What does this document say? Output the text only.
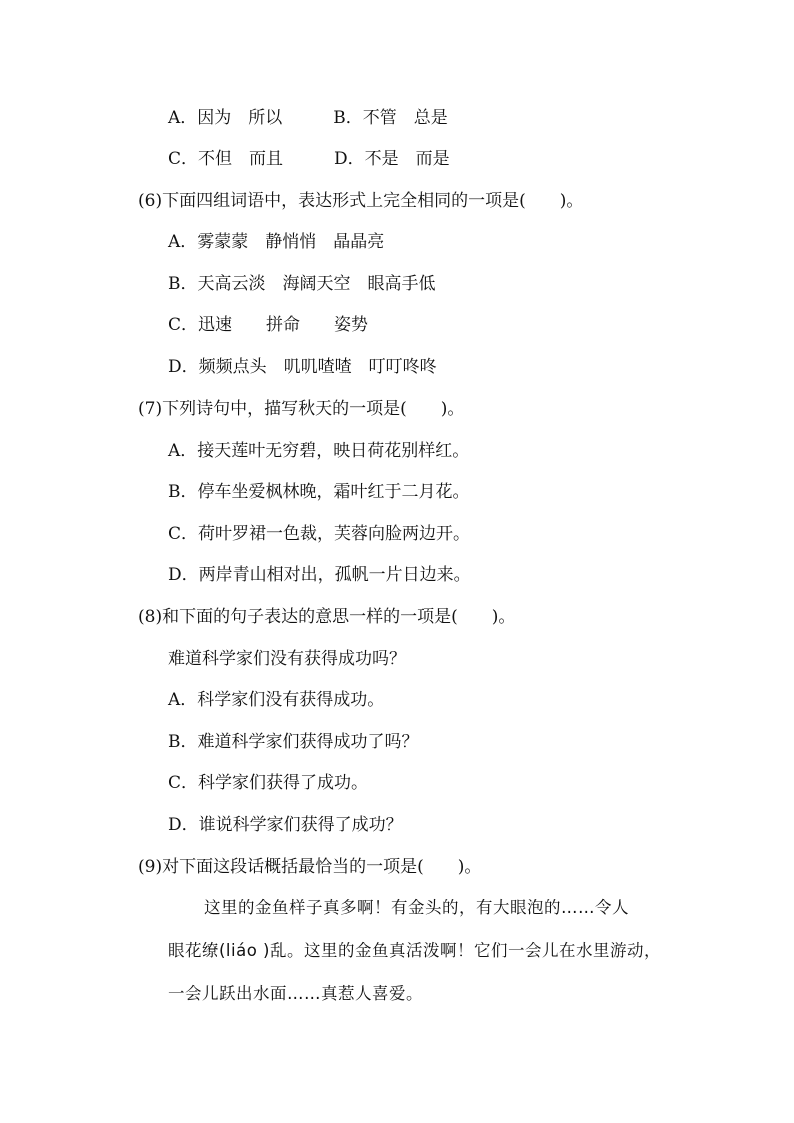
A．因为　所以　　　B．不管　总是
C．不但　而且　　　D．不是　而是
(6)下面四组词语中，表达形式上完全相同的一项是(　　)。
A．雾蒙蒙　静悄悄　晶晶亮
B．天高云淡　海阔天空　眼高手低
C．迅速　　拼命　　姿势
D．频频点头　叽叽喳喳　叮叮咚咚
(7)下列诗句中，描写秋天的一项是(　　)。
A．接天莲叶无穷碧，映日荷花别样红。
B．停车坐爱枫林晚，霜叶红于二月花。
C．荷叶罗裙一色裁，芙蓉向脸两边开。
D．两岸青山相对出，孤帆一片日边来。
(8)和下面的句子表达的意思一样的一项是(　　)。
难道科学家们没有获得成功吗？
A．科学家们没有获得成功。
B．难道科学家们获得成功了吗？
C．科学家们获得了成功。
D．谁说科学家们获得了成功？
(9)对下面这段话概括最恰当的一项是(　　)。
这里的金鱼样子真多啊！有金头的，有大眼泡的……令人
眼花缭(liáo )乱。这里的金鱼真活泼啊！它们一会儿在水里游动，
一会儿跃出水面……真惹人喜爱。
